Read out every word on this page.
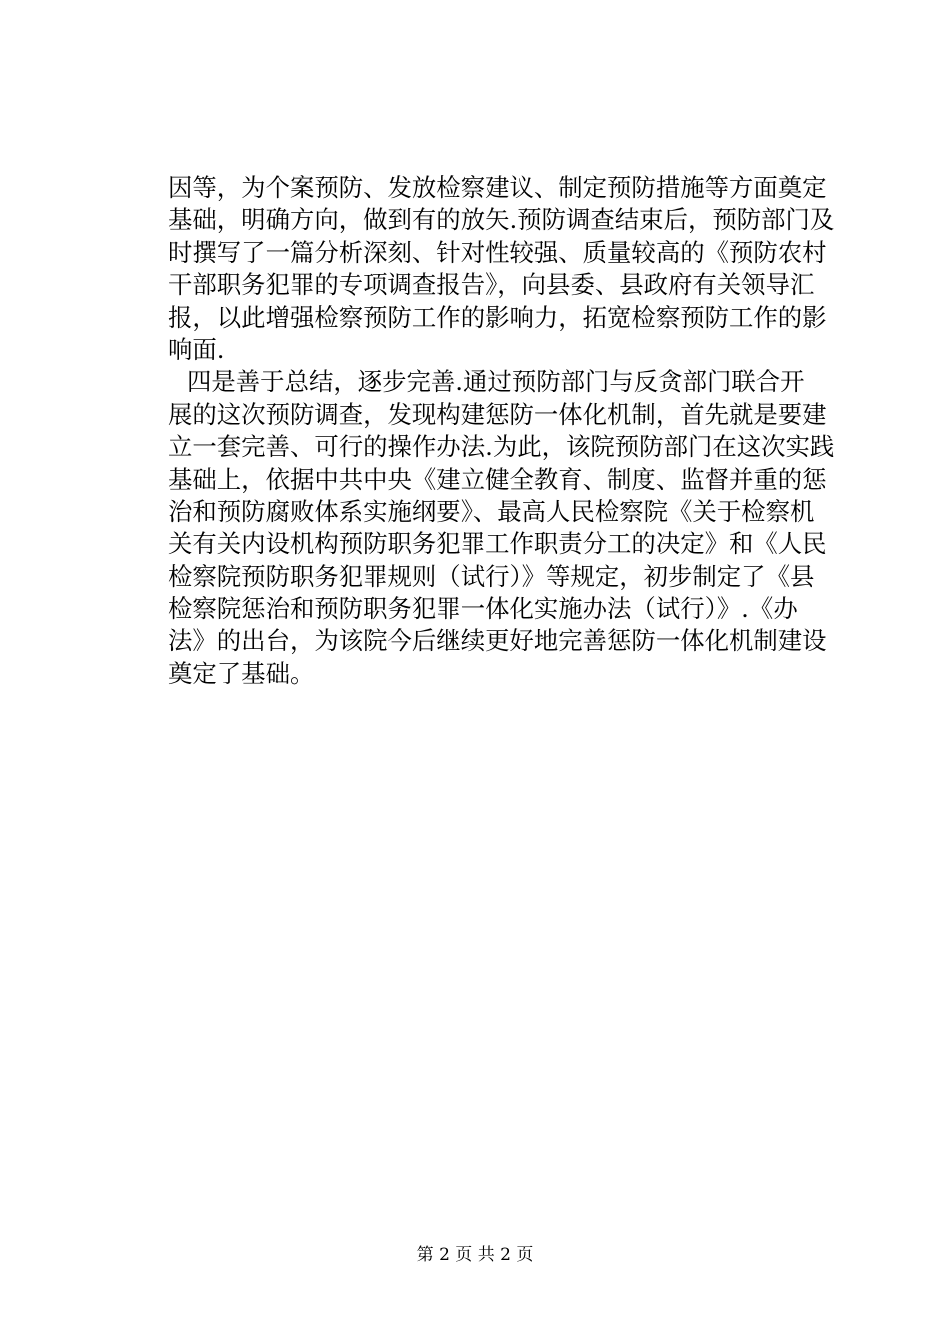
因等，为个案预防、发放检察建议、制定预防措施等方面奠定
基础，明确方向，做到有的放矢.预防调查结束后，预防部门及
时撰写了一篇分析深刻、针对性较强、质量较高的《预防农村
干部职务犯罪的专项调查报告》，向县委、县政府有关领导汇
报，以此增强检察预防工作的影响力，拓宽检察预防工作的影
响面.
四是善于总结，逐步完善.通过预防部门与反贪部门联合开
展的这次预防调查，发现构建惩防一体化机制，首先就是要建
立一套完善、可行的操作办法.为此，该院预防部门在这次实践
基础上，依据中共中央《建立健全教育、制度、监督并重的惩
治和预防腐败体系实施纲要》、最高人民检察院《关于检察机
关有关内设机构预防职务犯罪工作职责分工的决定》和《人民
检察院预防职务犯罪规则（试行）》等规定，初步制定了《县
检察院惩治和预防职务犯罪一体化实施办法（试行）》.《办
法》的出台，为该院今后继续更好地完善惩防一体化机制建设
奠定了基础。
第 2 页 共 2 页
